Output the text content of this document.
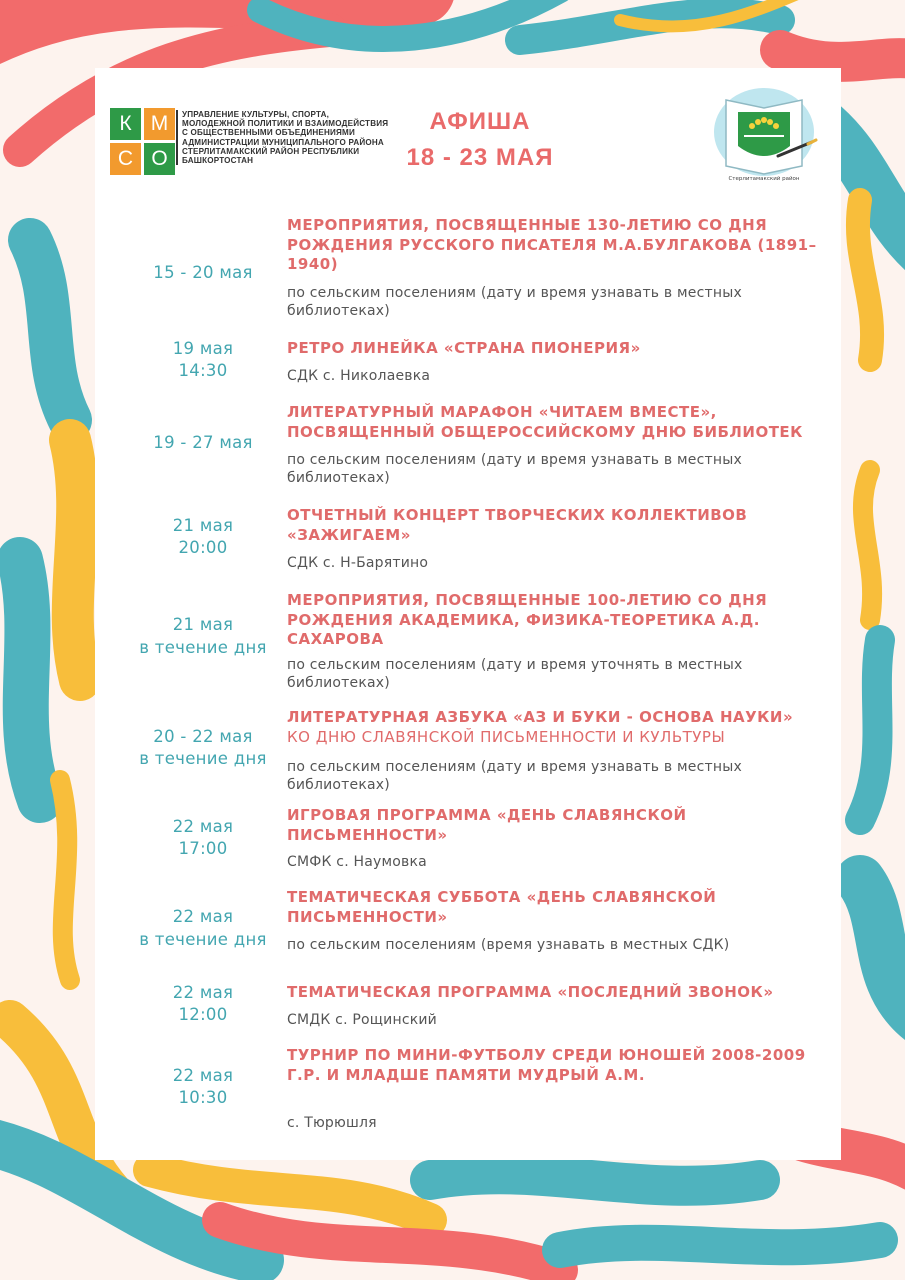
К М
С О
УПРАВЛЕНИЕ КУЛЬТУРЫ, СПОРТА, МОЛОДЕЖНОЙ ПОЛИТИКИ И ВЗАИМОДЕЙСТВИЯ С ОБЩЕСТВЕННЫМИ ОБЪЕДИНЕНИЯМИ АДМИНИСТРАЦИИ МУНИЦИПАЛЬНОГО РАЙОНА СТЕРЛИТАМАКСКИЙ РАЙОН РЕСПУБЛИКИ БАШКОРТОСТАН
АФИША
18 - 23 МАЯ
Стерлитамакский район
15 - 20 мая
МЕРОПРИЯТИЯ, ПОСВЯЩЕННЫЕ 130-ЛЕТИЮ СО ДНЯ РОЖДЕНИЯ РУССКОГО ПИСАТЕЛЯ М.А.БУЛГАКОВА (1891–1940)
по сельским поселениям (дату и время узнавать в местных библиотеках)
19 мая
14:30
РЕТРО ЛИНЕЙКА «СТРАНА ПИОНЕРИЯ»
СДК с. Николаевка
19 - 27 мая
ЛИТЕРАТУРНЫЙ МАРАФОН «ЧИТАЕМ ВМЕСТЕ», ПОСВЯЩЕННЫЙ ОБЩЕРОССИЙСКОМУ ДНЮ БИБЛИОТЕК
по сельским поселениям (дату и время узнавать в местных библиотеках)
21 мая
20:00
ОТЧЕТНЫЙ КОНЦЕРТ ТВОРЧЕСКИХ КОЛЛЕКТИВОВ «ЗАЖИГАЕМ»
СДК с. Н-Барятино
21 мая
в течение дня
МЕРОПРИЯТИЯ, ПОСВЯЩЕННЫЕ 100-ЛЕТИЮ СО ДНЯ РОЖДЕНИЯ АКАДЕМИКА, ФИЗИКА-ТЕОРЕТИКА А.Д. САХАРОВА
по сельским поселениям (дату и время уточнять в местных библиотеках)
20 - 22 мая
в течение дня
ЛИТЕРАТУРНАЯ АЗБУКА «АЗ И БУКИ - ОСНОВА НАУКИ»
КО ДНЮ СЛАВЯНСКОЙ ПИСЬМЕННОСТИ И КУЛЬТУРЫ
по сельским поселениям (дату и время узнавать в местных библиотеках)
22 мая
17:00
ИГРОВАЯ ПРОГРАММА «ДЕНЬ СЛАВЯНСКОЙ ПИСЬМЕННОСТИ»
СМФК с. Наумовка
22 мая
в течение дня
ТЕМАТИЧЕСКАЯ СУББОТА «ДЕНЬ СЛАВЯНСКОЙ ПИСЬМЕННОСТИ»
по сельским поселениям (время узнавать в местных СДК)
22 мая
12:00
ТЕМАТИЧЕСКАЯ ПРОГРАММА «ПОСЛЕДНИЙ ЗВОНОК»
СМДК с. Рощинский
22 мая
10:30
ТУРНИР ПО МИНИ-ФУТБОЛУ СРЕДИ ЮНОШЕЙ 2008-2009 Г.Р. И МЛАДШЕ ПАМЯТИ МУДРЫЙ А.М.
с. Тюрюшля
